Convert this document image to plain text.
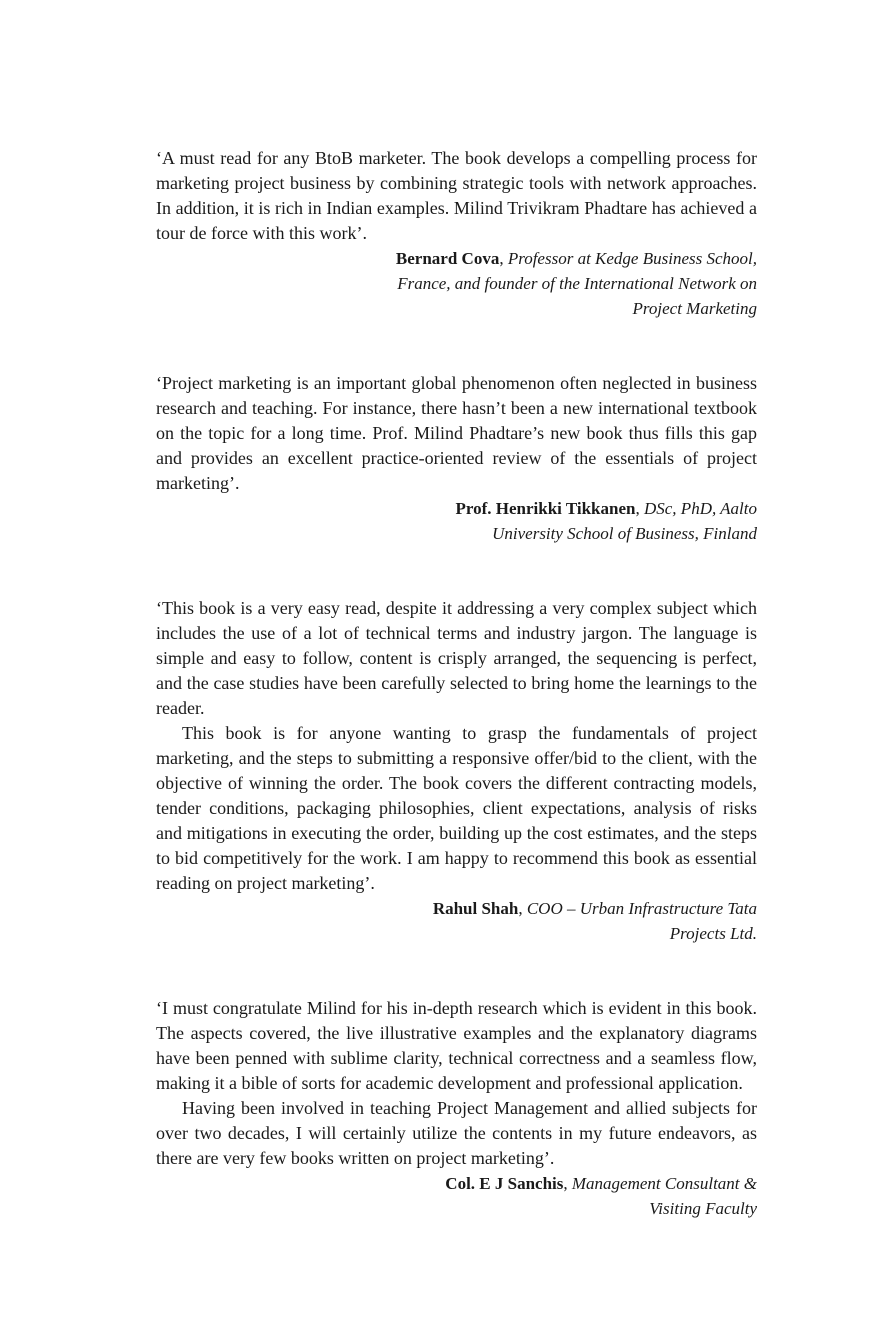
‘A must read for any BtoB marketer. The book develops a compelling process for marketing project business by combining strategic tools with network approaches. In addition, it is rich in Indian examples. Milind Trivikram Phadtare has achieved a tour de force with this work’.

Bernard Cova, Professor at Kedge Business School,
France, and founder of the International Network on
Project Marketing

‘Project marketing is an important global phenomenon often neglected in business research and teaching. For instance, there hasn’t been a new international textbook on the topic for a long time. Prof. Milind Phadtare’s new book thus fills this gap and provides an excellent practice-oriented review of the essentials of project marketing’.

Prof. Henrikki Tikkanen, DSc, PhD, Aalto
University School of Business, Finland

‘This book is a very easy read, despite it addressing a very complex subject which includes the use of a lot of technical terms and industry jargon. The language is simple and easy to follow, content is crisply arranged, the sequencing is perfect, and the case studies have been carefully selected to bring home the learnings to the reader.

This book is for anyone wanting to grasp the fundamentals of project marketing, and the steps to submitting a responsive offer/bid to the client, with the objective of winning the order. The book covers the different contracting models, tender conditions, packaging philosophies, client expectations, analysis of risks and mitigations in executing the order, building up the cost estimates, and the steps to bid competitively for the work. I am happy to recommend this book as essential reading on project marketing’.

Rahul Shah, COO – Urban Infrastructure Tata
Projects Ltd.

‘I must congratulate Milind for his in-depth research which is evident in this book. The aspects covered, the live illustrative examples and the explanatory diagrams have been penned with sublime clarity, technical correctness and a seamless flow, making it a bible of sorts for academic development and professional application.

Having been involved in teaching Project Management and allied subjects for over two decades, I will certainly utilize the contents in my future endeavors, as there are very few books written on project marketing’.

Col. E J Sanchis, Management Consultant &
Visiting Faculty
